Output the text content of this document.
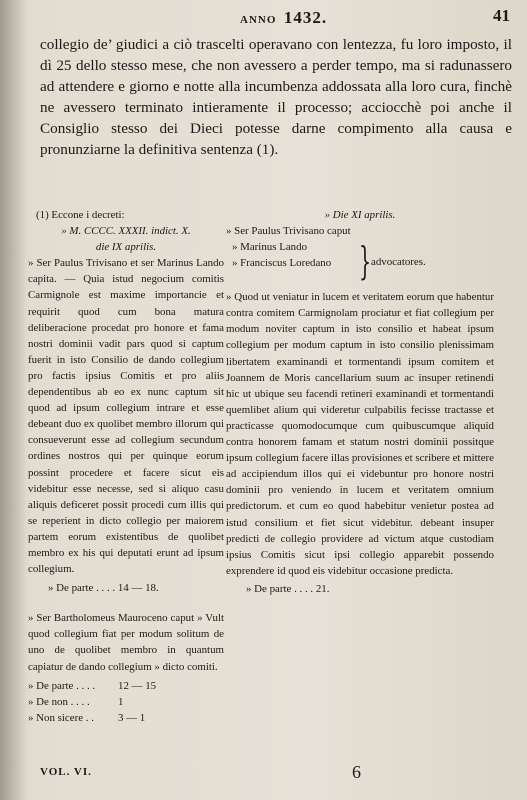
ANNO 1432.	41

collegio de’ giudici a ciò trascelti operavano con lentezza, fu loro imposto, il dì 25 dello stesso mese, che non avessero a perder tempo, ma si radunassero ad attendere e giorno e notte alla incumbenza addossata alla loro cura, finchè ne avessero terminato intieramente il processo; acciocchè poi anche il Consiglio stesso dei Dieci potesse darne compimento alla causa e pronunziarne la definitiva sentenza (1).

(1) Eccone i decreti:

» M. CCCC. XXXII. indict. X.

die IX aprilis.

» Ser Paulus Trivisano et ser Marinus Lando capita. — Quia istud negocium comitis Carmignole est maxime importancie et requirit quod cum bona matura deliberacione procedat pro honore et fama nostri dominii vadit pars quod si captum fuerit in isto Consilio de dando collegium pro factis ipsius Comitis et pro aliis dependentibus ab eo ex nunc captum sit quod ad ipsum collegium intrare et esse debeant duo ex quolibet membro illorum qui consueverunt esse ad collegium secundum ordines nostros qui per quinque eorum possint procedere et facere sicut eis videbitur esse necesse, sed si aliquo casu aliquis deficeret possit procedi cum illis qui se reperient in dicto collegio per maiorem partem eorum existentibus de quolibet membro ex his qui deputati erunt ad ipsum collegium.

» De parte . . . . 14 — 18.

» Ser Bartholomeus Mauroceno caput » Vult quod collegium fiat per modum solitum de uno de quolibet membro in quantum capiatur de dando collegium » dicto comiti.

» De parte . . . .	12 — 15
» De non . . . .	1
» Non sicere . .	3 — 1

» Die XI aprilis.

» Ser Paulus Trivisano caput

» Marinus Lando
» Franciscus Loredano } advocatores.

» Quod ut veniatur in lucem et veritatem eorum que habentur contra comitem Carmignolam prociatur et fiat collegium per modum noviter captum in isto consilio et habeat ipsum collegium per modum captum in isto consilio plenissimam libertatem examinandi et tormentandi ipsum comitem et Joannem de Moris cancellarium suum ac insuper retinendi hic ut ubique seu facendi retineri examinandi et tormentandi quemlibet alium qui videretur culpabilis fecisse tractasse et practicasse quomodocumque cum quibuscumque aliquid contra honorem famam et statum nostri dominii possitque ipsum collegium facere illas provisiones et scribere et mittere ad accipiendum illos qui ei videbuntur pro honore nostri dominii pro veniendo in lucem et veritatem omnium predictorum. et cum eo quod habebitur venietur postea ad istud consilium et fiet sicut videbitur. debeant insuper predicti de collegio providere ad victum atque custodiam ipsius Comitis sicut ipsi collegio apparebit possendo exprendere id quod eis videbitur occasione predicta.

» De parte . . . . 21.

VOL. VI.	6
